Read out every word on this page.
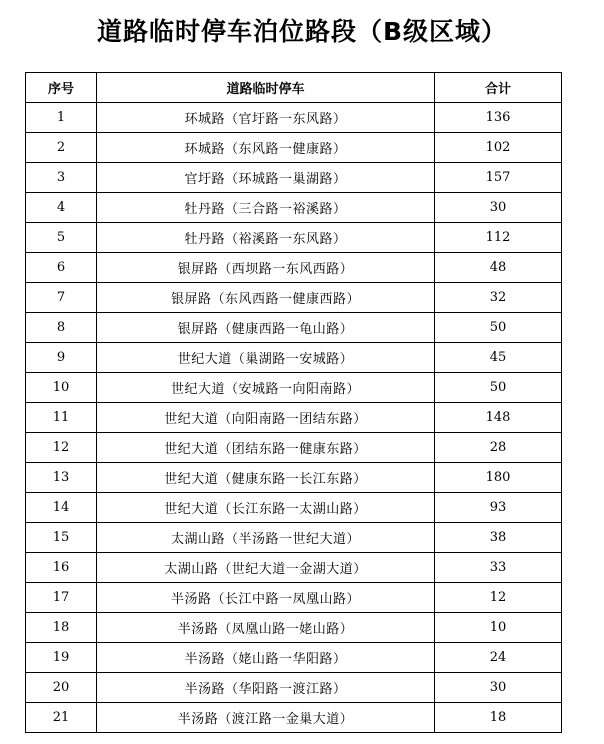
道路临时停车泊位路段（B级区域）
序号	道路临时停车	合计
1	环城路（官圩路一东风路）	136
2	环城路（东风路一健康路）	102
3	官圩路（环城路一巢湖路）	157
4	牡丹路（三合路一裕溪路）	30
5	牡丹路（裕溪路一东风路）	112
6	银屏路（西坝路一东风西路）	48
7	银屏路（东风西路一健康西路）	32
8	银屏路（健康西路一龟山路）	50
9	世纪大道（巢湖路一安城路）	45
10	世纪大道（安城路一向阳南路）	50
11	世纪大道（向阳南路一团结东路）	148
12	世纪大道（团结东路一健康东路）	28
13	世纪大道（健康东路一长江东路）	180
14	世纪大道（长江东路一太湖山路）	93
15	太湖山路（半汤路一世纪大道）	38
16	太湖山路（世纪大道一金湖大道）	33
17	半汤路（长江中路一凤凰山路）	12
18	半汤路（凤凰山路一姥山路）	10
19	半汤路（姥山路一华阳路）	24
20	半汤路（华阳路一渡江路）	30
21	半汤路（渡江路一金巢大道）	18
